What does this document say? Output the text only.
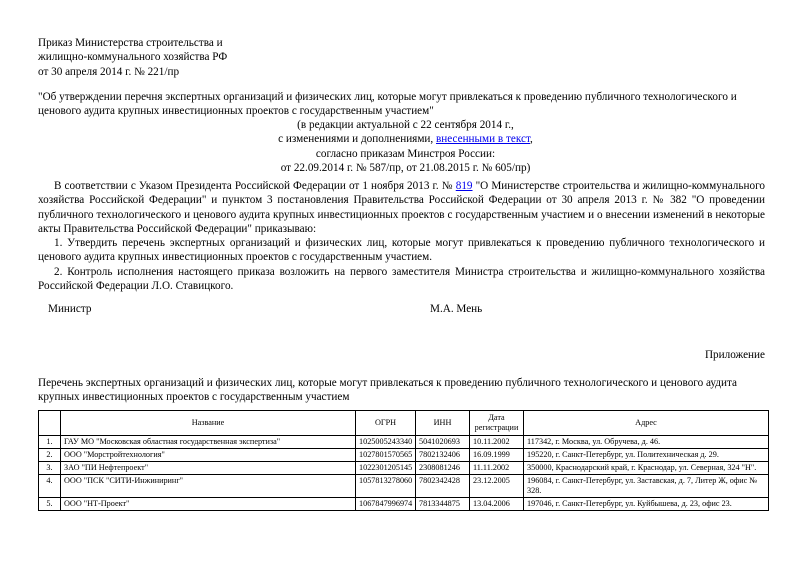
Приказ Министерства строительства и
жилищно-коммунального хозяйства РФ
от 30 апреля 2014 г. № 221/пр
"Об утверждении перечня экспертных организаций и физических лиц, которые могут привлекаться к проведению публичного технологического и ценового аудита крупных инвестиционных проектов с государственным участием"
(в редакции актуальной с 22 сентября 2014 г.,
с изменениями и дополнениями, внесенными в текст,
согласно приказам Минстроя России:
от 22.09.2014 г. № 587/пр, от 21.08.2015 г. № 605/пр)
В соответствии с Указом Президента Российской Федерации от 1 ноября 2013 г. № 819 "О Министерстве строительства и жилищно-коммунального хозяйства Российской Федерации" и пунктом 3 постановления Правительства Российской Федерации от 30 апреля 2013 г. № 382 "О проведении публичного технологического и ценового аудита крупных инвестиционных проектов с государственным участием и о внесении изменений в некоторые акты Правительства Российской Федерации" приказываю:
1. Утвердить перечень экспертных организаций и физических лиц, которые могут привлекаться к проведению публичного технологического и ценового аудита крупных инвестиционных проектов с государственным участием.
2. Контроль исполнения настоящего приказа возложить на первого заместителя Министра строительства и жилищно-коммунального хозяйства Российской Федерации Л.О. Ставицкого.
Министр	М.А. Мень
Приложение
Перечень экспертных организаций и физических лиц, которые могут привлекаться к проведению публичного технологического и ценового аудита крупных инвестиционных проектов с государственным участием
	Название	ОГРН	ИНН	Дата регистрации	Адрес
1.	ГАУ МО "Московская областная государственная экспертиза"	1025005243340	5041020693	10.11.2002	117342, г. Москва, ул. Обручева, д. 46.
2.	ООО "Морстройтехнология"	1027801570565	7802132406	16.09.1999	195220, г. Санкт-Петербург, ул. Политехническая д. 29.
3.	ЗАО "ПИ Нефтепроект"	1022301205145	2308081246	11.11.2002	350000, Краснодарский край, г. Краснодар, ул. Северная, 324 "Н".
4.	ООО "ПСК "СИТИ-Инжиниринг"	1057813278060	7802342428	23.12.2005	196084, г. Санкт-Петербург, ул. Заставская, д. 7, Литер Ж, офис № 328.
5.	ООО "НТ-Проект"	1067847996974	7813344875	13.04.2006	197046, г. Санкт-Петербург, ул. Куйбышева, д. 23, офис 23.
